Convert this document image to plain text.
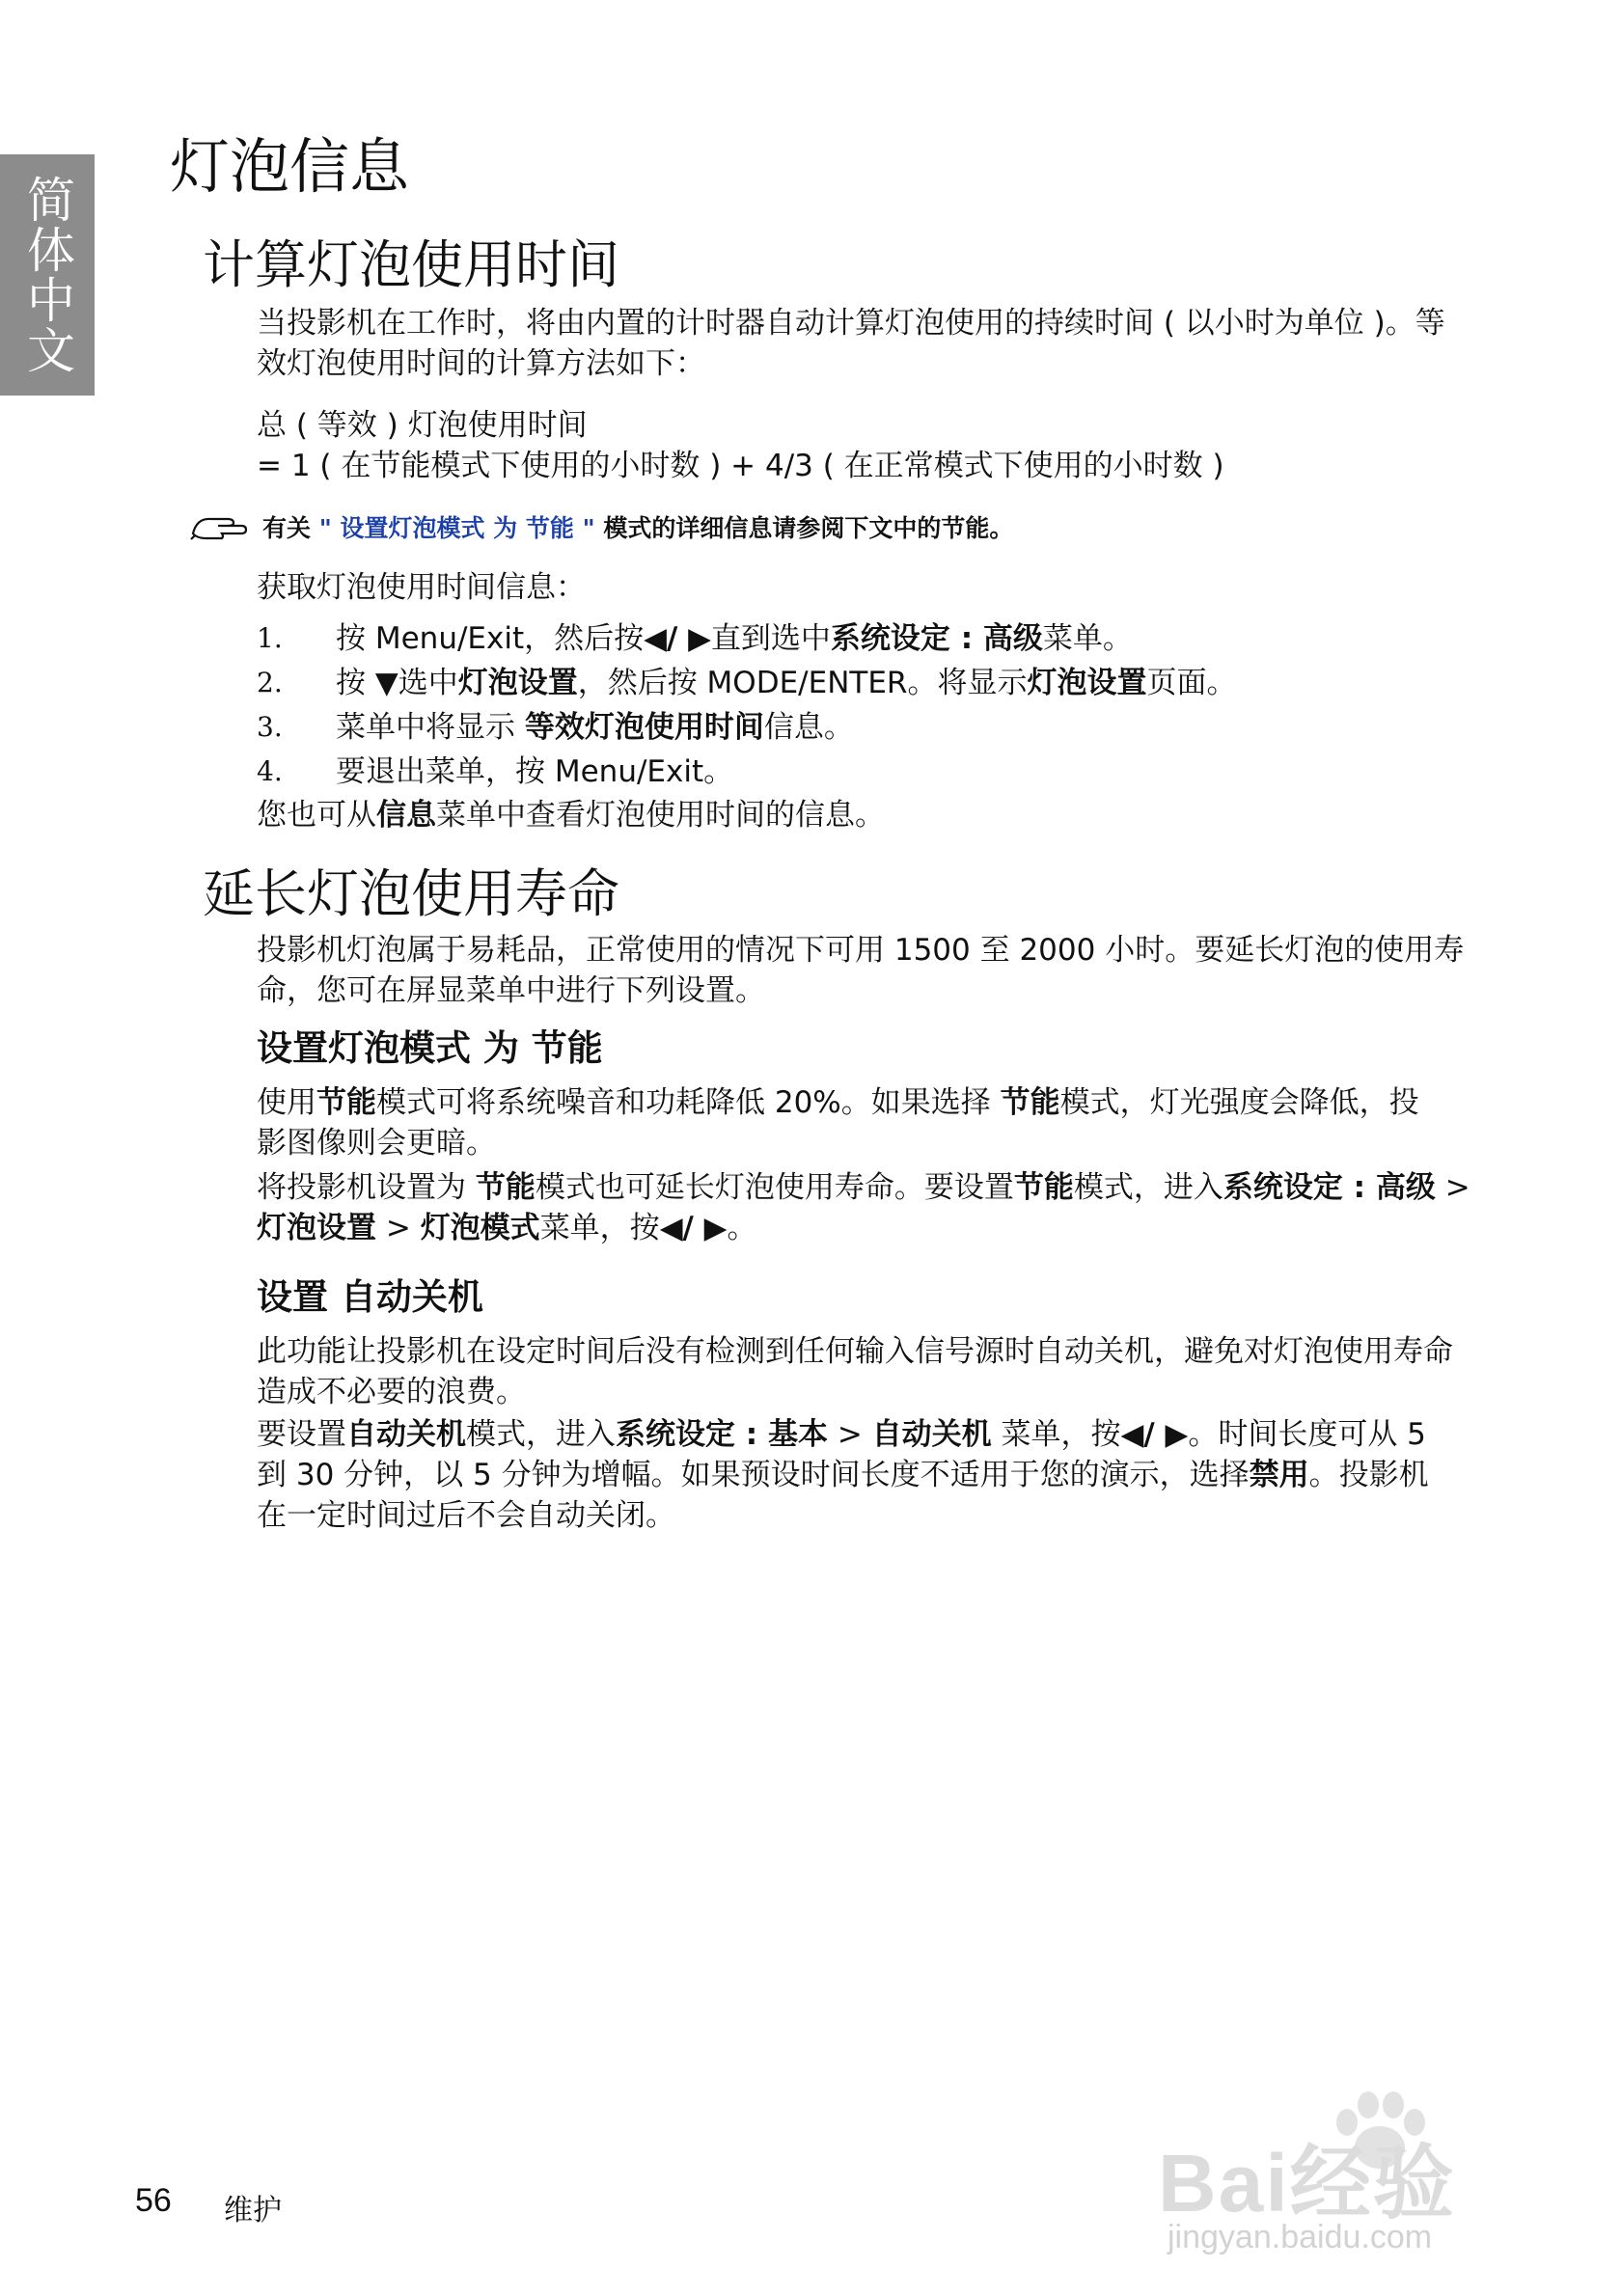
简体中文
灯泡信息
计算灯泡使用时间

当投影机在工作时，将由内置的计时器自动计算灯泡使用的持续时间 ( 以小时为单位 )。等效灯泡使用时间的计算方法如下：

总 ( 等效 ) 灯泡使用时间

= 1 ( 在节能模式下使用的小时数 ) + 4/3 ( 在正常模式下使用的小时数 )

有关 " 设置灯泡模式 为 节能 " 模式的详细信息请参阅下文中的节能。

获取灯泡使用时间信息：

1.	按 Menu/Exit，然后按◀/ ▶直到选中系统设定 : 高级菜单。
2.	按 ▼选中灯泡设置，然后按 MODE/ENTER。将显示灯泡设置页面。
3.	菜单中将显示 等效灯泡使用时间信息。
4.	要退出菜单，按 Menu/Exit。

您也可从信息菜单中查看灯泡使用时间的信息。

延长灯泡使用寿命

投影机灯泡属于易耗品，正常使用的情况下可用 1500 至 2000 小时。要延长灯泡的使用寿命，您可在屏显菜单中进行下列设置。

设置灯泡模式 为 节能

使用节能模式可将系统噪音和功耗降低 20%。如果选择 节能模式，灯光强度会降低，投影图像则会更暗。

将投影机设置为 节能模式也可延长灯泡使用寿命。要设置节能模式，进入系统设定 : 高级 > 灯泡设置 > 灯泡模式菜单，按◀/ ▶。

设置 自动关机

此功能让投影机在设定时间后没有检测到任何输入信号源时自动关机，避免对灯泡使用寿命造成不必要的浪费。

要设置自动关机模式，进入系统设定 : 基本 > 自动关机 菜单，按◀/ ▶。时间长度可从 5 到 30 分钟，以 5 分钟为增幅。如果预设时间长度不适用于您的演示，选择禁用。投影机在一定时间过后不会自动关闭。

56 维护	Bai经验
jingyan.baidu.com
